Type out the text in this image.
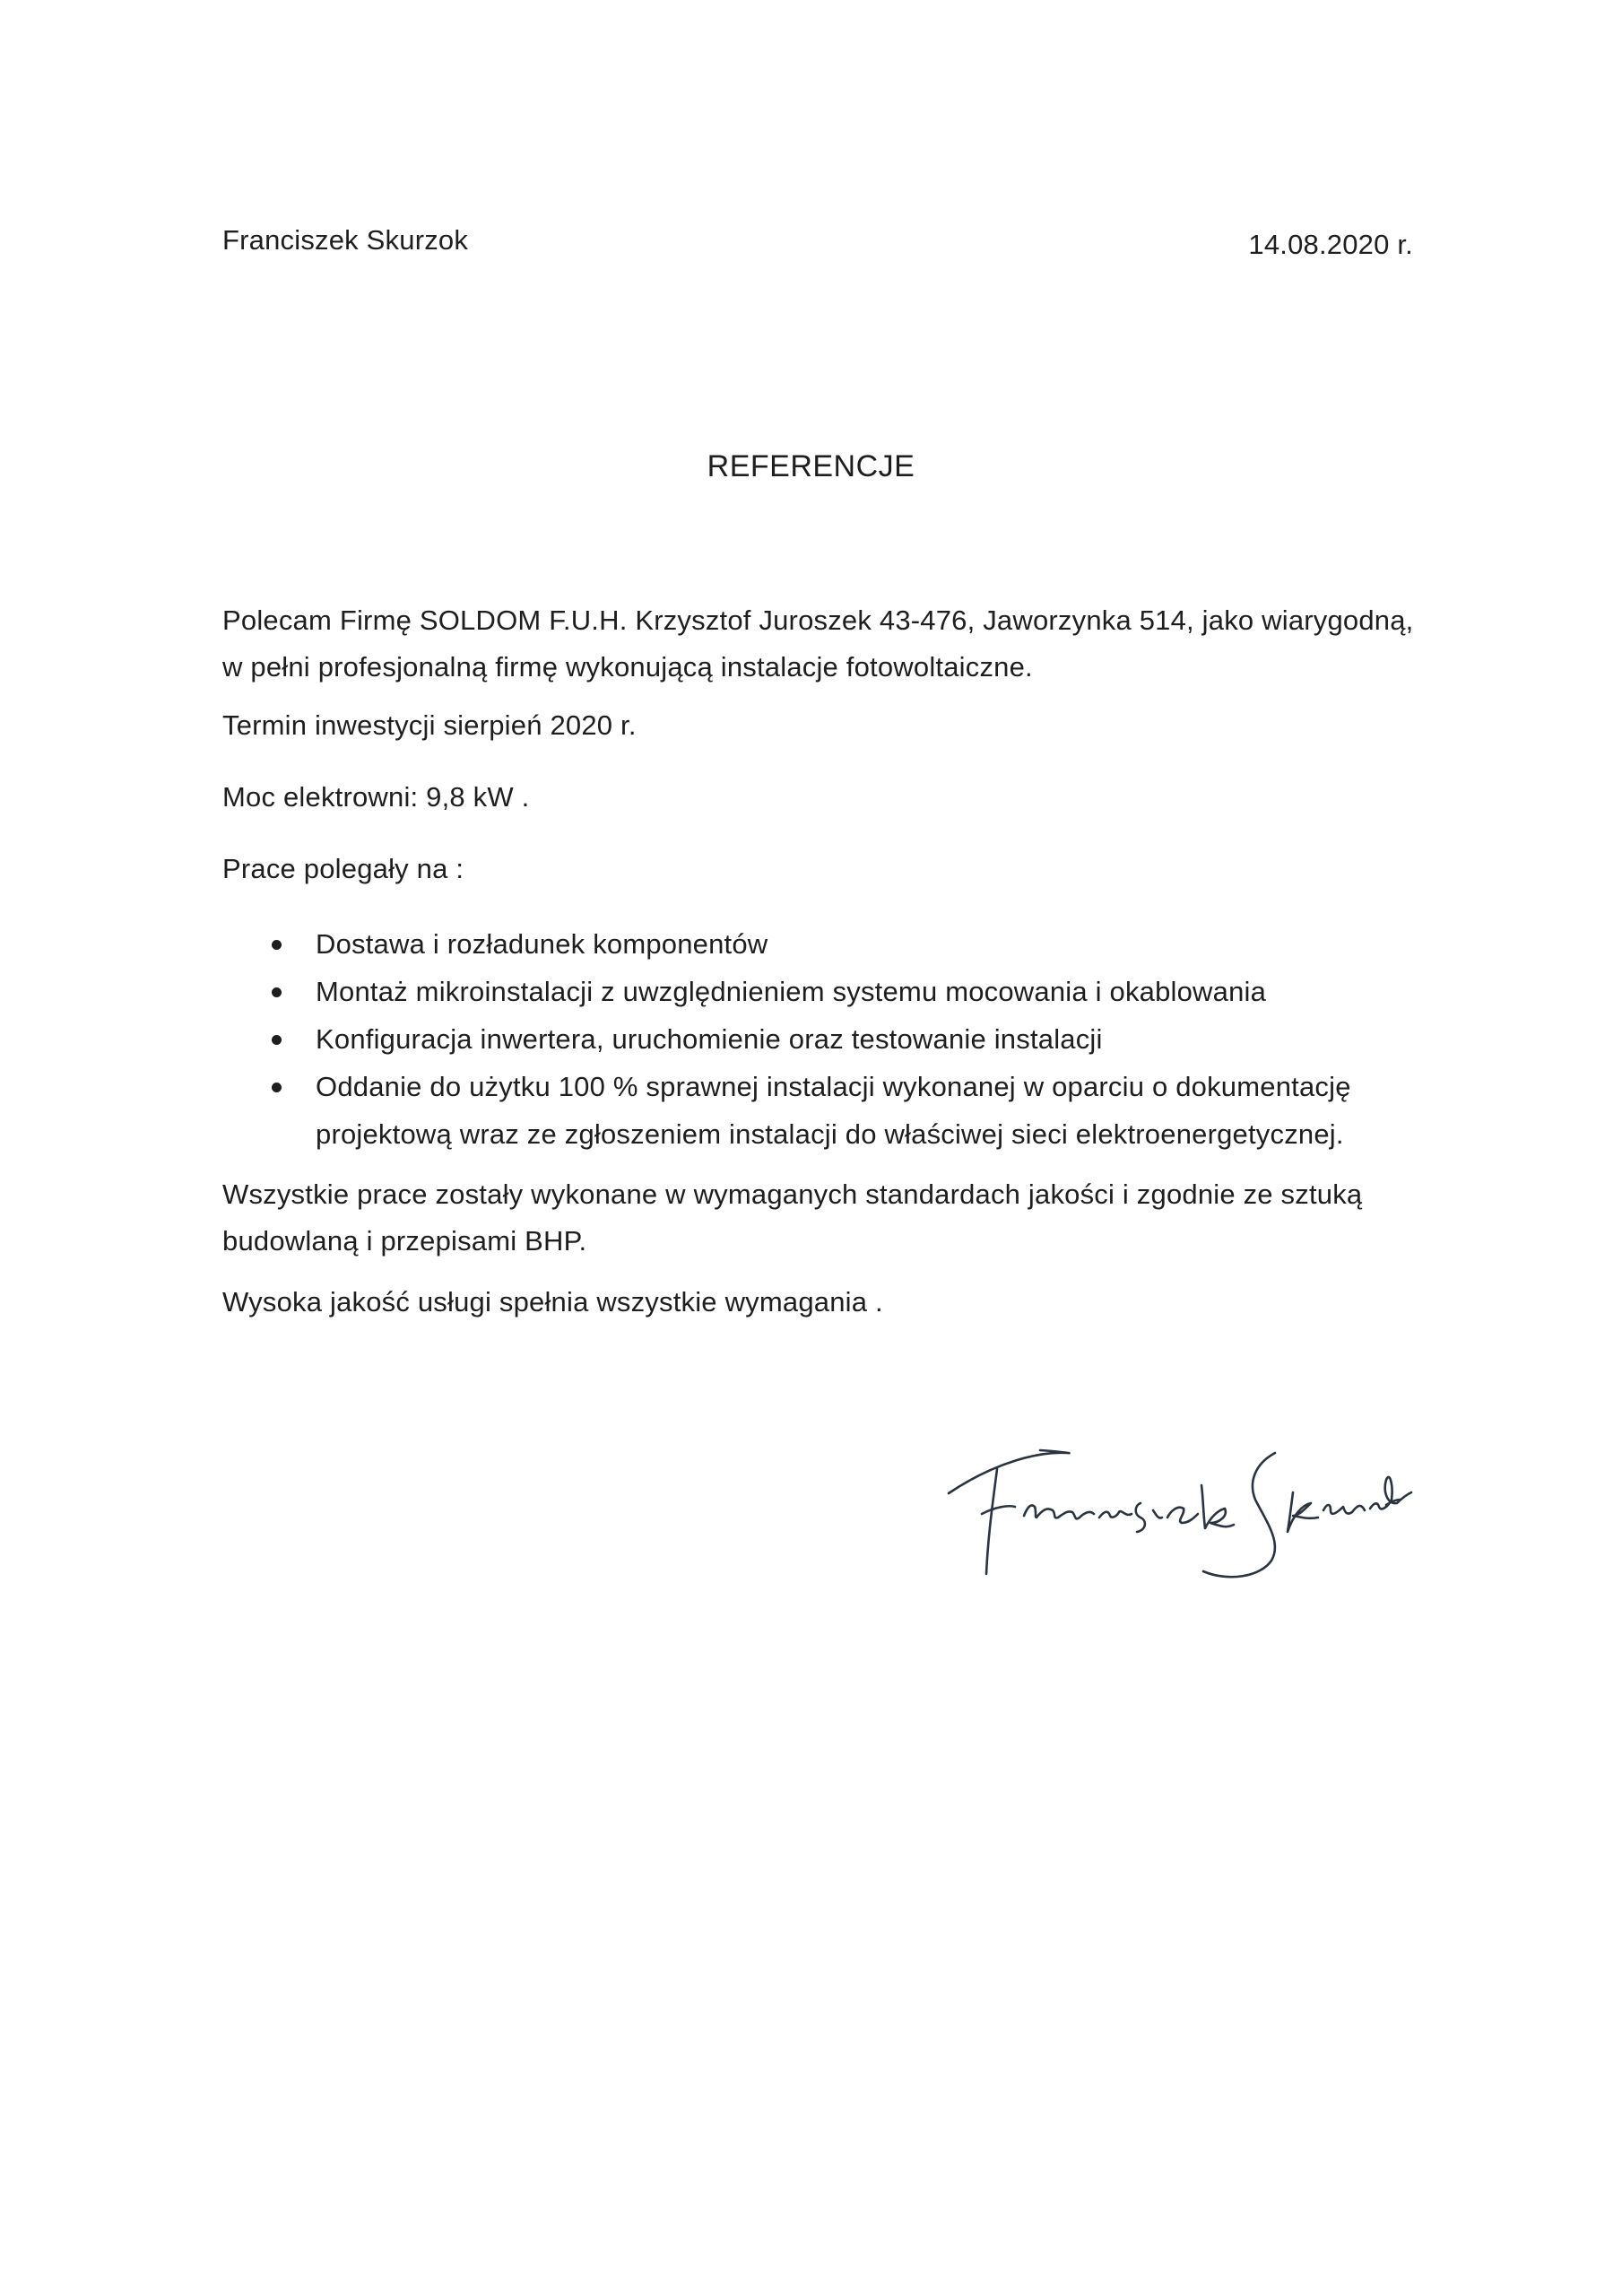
Franciszek Skurzok	14.08.2020 r.
REFERENCJE
Polecam Firmę SOLDOM F.U.H. Krzysztof Juroszek 43-476, Jaworzynka 514, jako wiarygodną,
w pełni profesjonalną firmę wykonującą instalacje fotowoltaiczne.
Termin inwestycji sierpień 2020 r.
Moc elektrowni: 9,8 kW .
Prace polegały na :
Dostawa i rozładunek komponentów
Montaż mikroinstalacji z uwzględnieniem systemu mocowania i okablowania
Konfiguracja inwertera, uruchomienie oraz testowanie instalacji
Oddanie do użytku 100 % sprawnej instalacji wykonanej w oparciu o dokumentację
projektową wraz ze zgłoszeniem instalacji do właściwej sieci elektroenergetycznej.
Wszystkie prace zostały wykonane w wymaganych standardach jakości i zgodnie ze sztuką
budowlaną i przepisami BHP.
Wysoka jakość usługi spełnia wszystkie wymagania .
